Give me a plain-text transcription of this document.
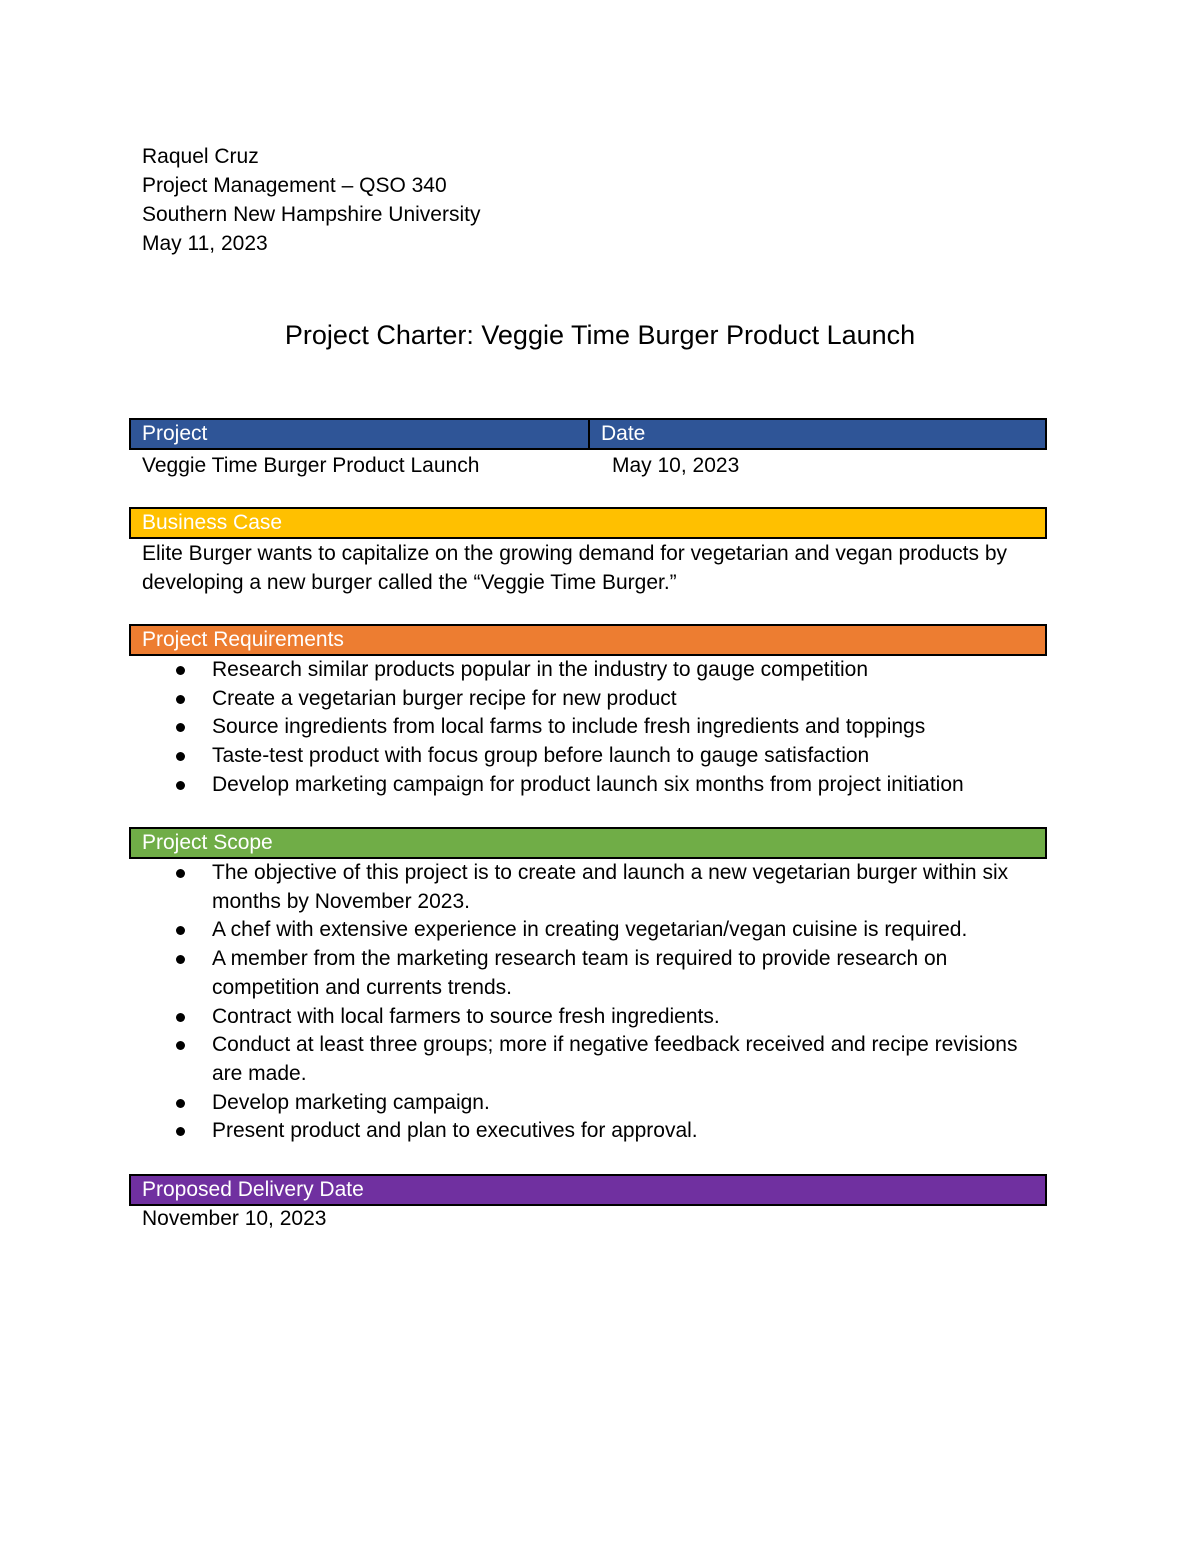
Raquel Cruz
Project Management – QSO 340
Southern New Hampshire University
May 11, 2023
Project Charter: Veggie Time Burger Product Launch
Project	Date
Veggie Time Burger Product Launch	May 10, 2023
Business Case
Elite Burger wants to capitalize on the growing demand for vegetarian and vegan products by developing a new burger called the “Veggie Time Burger.”
Project Requirements
Research similar products popular in the industry to gauge competition
Create a vegetarian burger recipe for new product
Source ingredients from local farms to include fresh ingredients and toppings
Taste-test product with focus group before launch to gauge satisfaction
Develop marketing campaign for product launch six months from project initiation
Project Scope
The objective of this project is to create and launch a new vegetarian burger within six months by November 2023.
A chef with extensive experience in creating vegetarian/vegan cuisine is required.
A member from the marketing research team is required to provide research on competition and currents trends.
Contract with local farmers to source fresh ingredients.
Conduct at least three groups; more if negative feedback received and recipe revisions are made.
Develop marketing campaign.
Present product and plan to executives for approval.
Proposed Delivery Date
November 10, 2023
